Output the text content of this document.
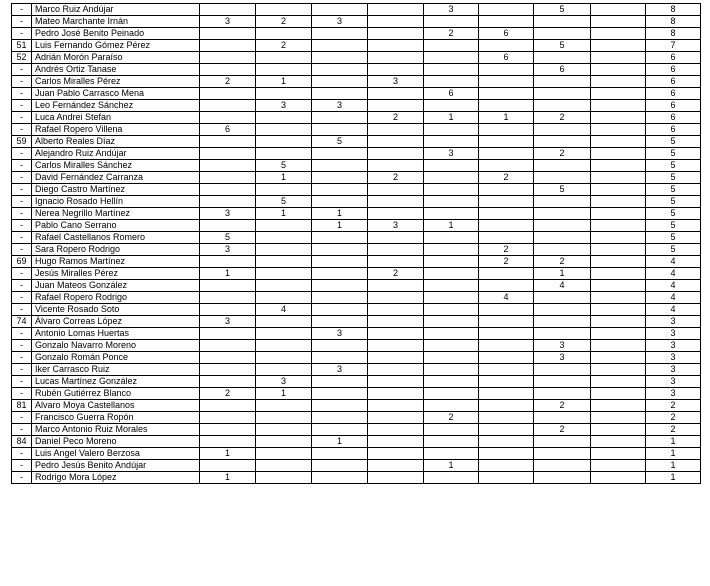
-	Marco Ruiz Andújar					3		5		8
-	Mateo Marchante Irnán	3	2	3						8
-	Pedro José Benito Peinado					2	6			8
51	Luis Fernando Gómez Pérez		2					5		7
52	Adrián Morón Paraíso						6			6
-	Andrés Ortiz Tanase							6		6
-	Carlos Miralles Pérez	2	1		3					6
-	Juan Pablo Carrasco Mena					6				6
-	Leo Fernández Sánchez		3	3						6
-	Luca Andrei Stefan				2	1	1	2		6
-	Rafael Ropero Villena	6								6
59	Alberto Reales Díaz			5						5
-	Alejandro Ruiz Andújar					3		2		5
-	Carlos Miralles Sánchez		5							5
-	David Fernández Carranza		1		2		2			5
-	Diego Castro Martínez							5		5
-	Ignacio Rosado Hellín		5							5
-	Nerea Negrillo Martínez	3	1	1						5
-	Pablo Cano Serrano			1	3	1				5
-	Rafael Castellanos Romero	5								5
-	Sara Ropero Rodrigo	3					2			5
69	Hugo Ramos Martínez						2	2		4
-	Jesús Miralles Pérez	1			2			1		4
-	Juan Mateos González							4		4
-	Rafael Ropero Rodrigo						4			4
-	Vicente Rosado Soto		4							4
74	Álvaro Correas López	3								3
-	Antonio Lomas Huertas			3						3
-	Gonzalo Navarro Moreno							3		3
-	Gonzalo Román Ponce							3		3
-	Iker Carrasco Ruiz			3						3
-	Lucas Martínez González		3							3
-	Rubén Gutiérrez Blanco	2	1							3
81	Alvaro Moya Castellanos							2		2
-	Francisco Guerra Ropón					2				2
-	Marco Antonio Ruiz Morales							2		2
84	Daniel Peco Moreno			1						1
-	Luis Angel Valero Berzosa	1								1
-	Pedro Jesús Benito Andújar					1				1
-	Rodrigo Mora López	1								1
